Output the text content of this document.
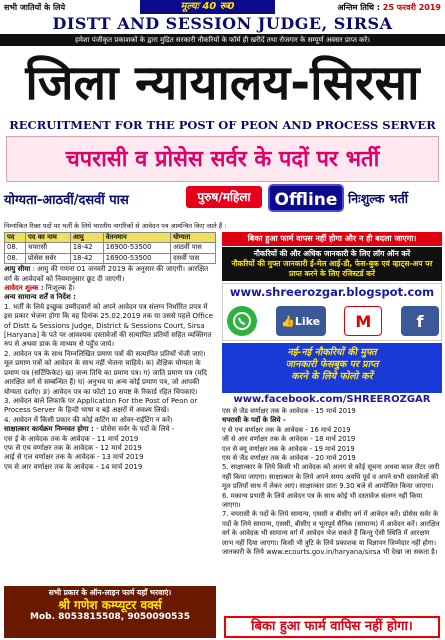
सभी जातियों के लिये	मूल्यः 40 रू0	अन्तिम तिथि : 25 फरवरी 2019
DISTT AND SESSION JUDGE, SIRSA
हमेशा पंजीकृत प्रकाशकों के द्वारा मुद्रित सरकारी नौकरियों के फॉर्म ही खरीदें तथा रोजगार के सम्पूर्ण अवसर प्राप्त करें।
जिला न्यायालय-सिरसा
RECRUITMENT FOR THE POST OF PEON AND PROCESS SERVER
चपरासी व प्रोसेस सर्वर के पदों पर भर्ती
योग्यता-आठवीं/दसवीं पास	पुरुष/महिला	Offline निःशुल्क भर्ती
निम्नांकित रिक्त पदों पर भर्ती के लिये भारतीय नागरिकों से आवेदन पत्र आमन्त्रित किए जाते हैं :
पद	पद का नाम	आयु	वेतनमान	योग्यता
08.	चपरासी	18-42	16900-53500	आठवीं पास
08.	प्रोसेस सर्वर	18-42	16900-53500	दसवीं पास
आयु सीमा : आयु की गणना 01 जनवरी 2019 के अनुसार की जाएगी। आरक्षित वर्ग के आवेदकों को नियमानुसार छूट दी जाएगी।
आवेदन शुल्क : निःशुल्क है।
अन्य सामान्य शर्तें व निर्देश :
1. भर्ती के लिये इच्छुक उम्मीदवारों को अपने आवेदन पत्र संलग्न निर्धारित प्रपत्र में इस प्रकार भेजना होगा कि वह दिनांक 25.02.2019 तक या उससे पहले Office of Distt & Sessions Judge, District & Sessions Court, Sirsa [Haryana] के पते पर आवश्यक दस्तावेजों की सत्यापित प्रतियों सहित व्यक्तिगत रुप से अथवा डाक के माध्यम से पहुँच जाये।
2. आवेदन पत्र के साथ निम्नलिखित प्रमाण पत्रों की सत्यापित प्रतियाँ भेजी जाएं। मूल प्रमाण पत्रों को आवेदन के साथ नहीं भेजना चाहिये। क) शैक्षिक योग्यता के प्रमाण पत्र (सर्टिफिकेट) ख) जन्म तिथि का प्रमाण पत्र। ग) जाति प्रमाण पत्र (यदि आरक्षित वर्ग से सम्बन्धित हैं) घ) अनुभव या अन्य कोई प्रमाण पत्र, जो आपकी योग्यता दर्शाए। ङ) आवेदन पत्र का फोटो 10 सपष्ट के रिकार्ड रहित चिपकाएं।
3. आवेदन वाले लिफाफे पर Application For the Post of Peon or Process Server के हिन्दी भाषा व बड़े अक्षरों में अवश्य लिखें।
4. आवेदन में किसी प्रकार की कोई कटिंग या ओवर-राईटिंग न करें।
साक्षात्कार कार्यक्रम निम्नवत होगा : - प्रोसेस सर्वर के पदों के लिये -
एस ई के आवेदक तक के आवेदक - 11 मार्च 2019
एफ से एच वर्णाक्षर तक के आवेदक - 12 मार्च 2019
आई से एल वर्णाक्षर तक के आवेदक - 13 मार्च 2019
एम से आर वर्णाक्षर तक के आवेदक - 14 मार्च 2019
बिका हुआ फार्म वापस नहीं होगा और न ही बदला जाएगा।
नौकरियों की और अधिक जानकारी के लिए लॉग ऑन करें
नौकरियों की मुफ्त जानकारी ई-मेल आई-डी, फेस-बुक एवं व्हाट्स-अप पर प्राप्त करने के लिए रजिस्टर्ड करें
www.shreerozgar.blogspot.com
👍 Like	M	f
नई-नई नौकरियों की मुफ्त
जानकारी फेसबुक पर प्राप्त
करने के लिये फोलो करें
www.facebook.com/SHREEROZGAR
एस से जैड वर्णाक्षर तक के आवेदक - 15 मार्च 2019
चपरासी के पदों के लिये -
ए से एच वर्णाक्षर तक के आवेदक - 16 मार्च 2019
जी से आर वर्णाक्षर तक के आवेदक - 18 मार्च 2019
एल से क्यू वर्णाक्षर तक के आवेदक - 19 मार्च 2019
एस से जैड वर्णाक्षर तक के आवेदक - 20 मार्च 2019
5. साक्षात्कार के लिये किसी भी आवेदक को अलग से कोई सूचना अथवा काल लैटर जारी नहीं किया जाएगा। साक्षात्कार के लिये अपने समय अवधि पूर्व व अपने सभी दस्तावेजों की मूल प्रतियाँ साथ में लेकर आएं। साक्षात्कार प्रातः 9.30 बजे से आयोजित किया जाएगा।
6. मकान्य प्रभारी के लिये आवेदन पत्र के साथ कोई भी दस्तावेज संलग्न नहीं किया जाएगा।
7. चपरासी के पदों के लिये सामान्य, एससी व बीसीए वर्ग में आवेदन करें। प्रोसेस सर्वर के पदों के लिये सामान्य, एससी, बीसीए व भूतपूर्व सैनिक (सामान्य) में आवेदन करें। आरक्षित वर्ग के आवेदक भी सामान्य वर्ग में आवेदन भेज सकते हैं किन्तु ऐसी स्थिति में आरक्षण लाभ नहीं दिया जाएगा। किसी भी त्रुटि के लिये प्रकाशक या विज्ञापन जिम्मेदार नहीं होगा। जानकारी के लिये www.ecourts.gov.in/haryana/sirsa भी देखा जा सकता है।
सभी प्रकार के ऑन-लाइन फार्म यहाँ भरवाएं।
श्री गणेश कम्प्यूटर वर्क्स
Mob. 8053815508, 9050090535
बिका हुआ फार्म वापिस नहीं होगा।
